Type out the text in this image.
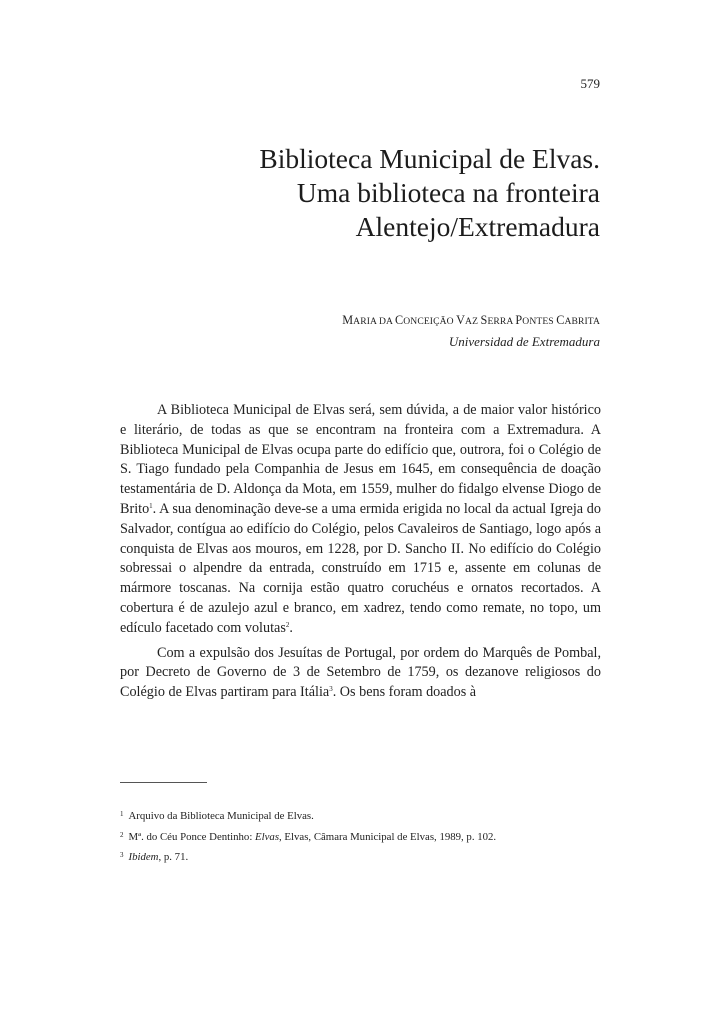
579

Biblioteca Municipal de Elvas.
Uma biblioteca na fronteira
Alentejo/Extremadura

MARIA DA CONCEIÇÃO VAZ SERRA PONTES CABRITA

Universidad de Extremadura

A Biblioteca Municipal de Elvas será, sem dúvida, a de maior valor histórico e literário, de todas as que se encontram na fronteira com a Extremadura. A Biblioteca Municipal de Elvas ocupa parte do edifício que, outrora, foi o Colégio de S. Tiago fundado pela Companhia de Jesus em 1645, em consequência de doação testamentária de D. Aldonça da Mota, em 1559, mulher do fidalgo elvense Diogo de Brito$^1$. A sua denominação deve-se a uma ermida erigida no local da actual Igreja do Salvador, contígua ao edifício do Colégio, pelos Cavaleiros de Santiago, logo após a conquista de Elvas aos mouros, em 1228, por D. Sancho II. No edifício do Colégio sobressai o alpendre da entrada, construído em 1715 e, assente em colunas de mármore toscanas. Na cornija estão quatro coruchéus e ornatos recortados. A cobertura é de azulejo azul e branco, em xadrez, tendo como remate, no topo, um edículo facetado com volutas$^2$.

Com a expulsão dos Jesuítas de Portugal, por ordem do Marquês de Pombal, por Decreto de Governo de 3 de Setembro de 1759, os dezanove religiosos do Colégio de Elvas partiram para Itália$^3$. Os bens foram doados à

$^1$ Arquivo da Biblioteca Municipal de Elvas.

$^2$ Mª. do Céu Ponce Dentinho: Elvas, Elvas, Câmara Municipal de Elvas, 1989, p. 102.

$^3$ Ibidem, p. 71.
